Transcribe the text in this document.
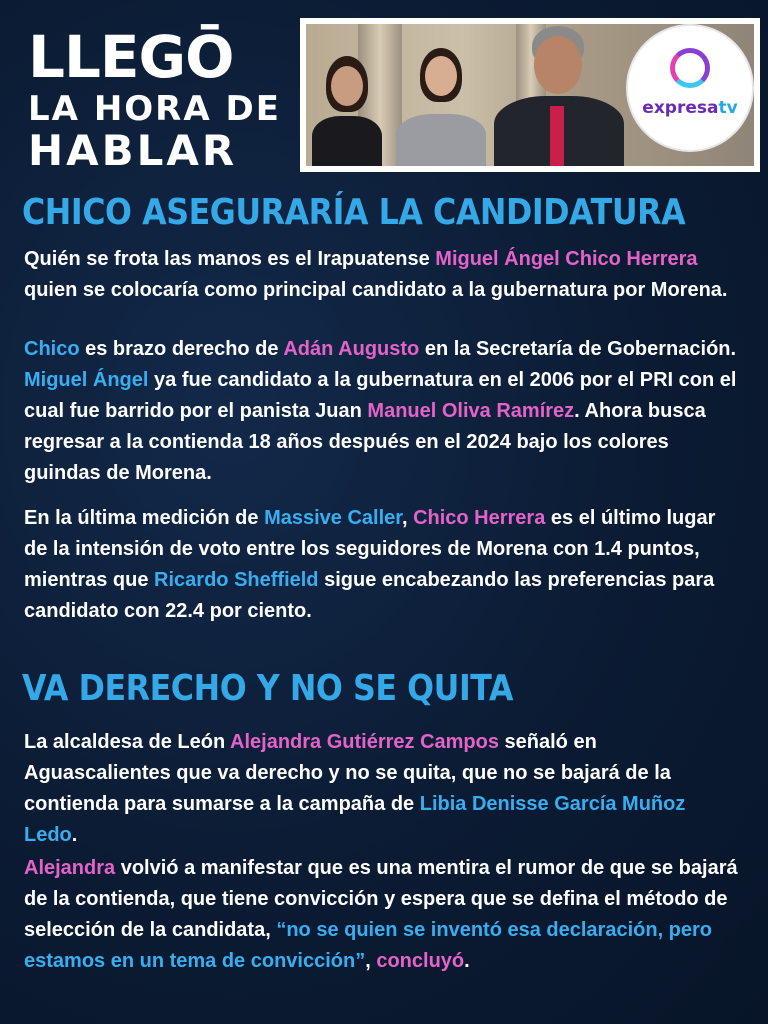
LLEGŌ
LA HORA DE
HABLAR
expresatv
CHICO ASEGURARÍA LA CANDIDATURA
Quién se frota las manos es el Irapuatense Miguel Ángel Chico Herrera quien se colocaría como principal candidato a la gubernatura por Morena.
Chico es brazo derecho de Adán Augusto en la Secretaría de Gobernación. Miguel Ángel ya fue candidato a la gubernatura en el 2006 por el PRI con el cual fue barrido por el panista Juan Manuel Oliva Ramírez. Ahora busca regresar a la contienda 18 años después en el 2024 bajo los colores guindas de Morena.
En la última medición de Massive Caller, Chico Herrera es el último lugar de la intensión de voto entre los seguidores de Morena con 1.4 puntos, mientras que Ricardo Sheffield sigue encabezando las preferencias para candidato con 22.4 por ciento.
VA DERECHO Y NO SE QUITA
La alcaldesa de León Alejandra Gutiérrez Campos señaló en Aguascalientes que va derecho y no se quita, que no se bajará de la contienda para sumarse a la campaña de Libia Denisse García Muñoz Ledo.
Alejandra volvió a manifestar que es una mentira el rumor de que se bajará de la contienda, que tiene convicción y espera que se defina el método de selección de la candidata, “no se quien se inventó esa declaración, pero estamos en un tema de convicción”, concluyó.
